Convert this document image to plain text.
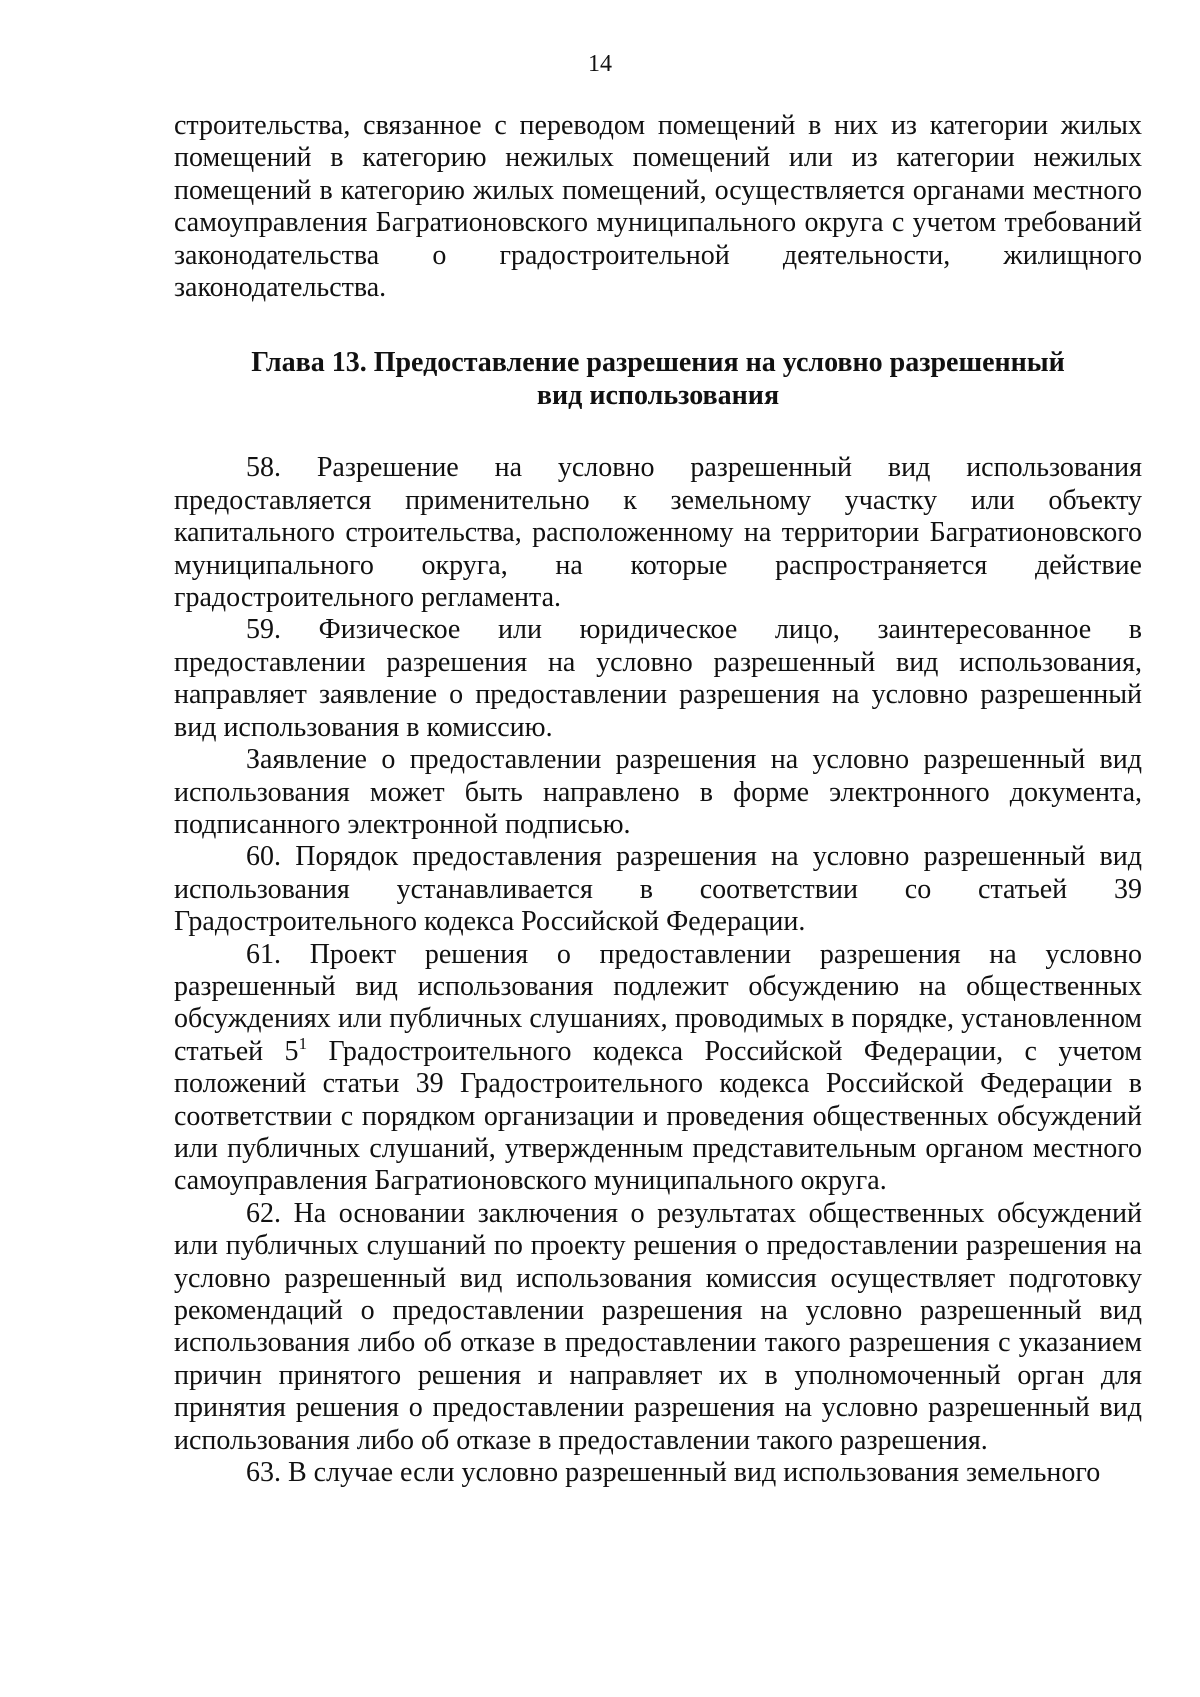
14

строительства, связанное с переводом помещений в них из категории жилых помещений в категорию нежилых помещений или из категории нежилых помещений в категорию жилых помещений, осуществляется органами местного самоуправления Багратионовского муниципального округа с учетом требований законодательства о градостроительной деятельности, жилищного законодательства.

Глава 13. Предоставление разрешения на условно разрешенный
вид использования

58. Разрешение на условно разрешенный вид использования предоставляется применительно к земельному участку или объекту капитального строительства, расположенному на территории Багратионовского муниципального округа, на которые распространяется действие градостроительного регламента.

59. Физическое или юридическое лицо, заинтересованное в предоставлении разрешения на условно разрешенный вид использования, направляет заявление о предоставлении разрешения на условно разрешенный вид использования в комиссию.

Заявление о предоставлении разрешения на условно разрешенный вид использования может быть направлено в форме электронного документа, подписанного электронной подписью.

60. Порядок предоставления разрешения на условно разрешенный вид использования устанавливается в соответствии со статьей 39 Градостроительного кодекса Российской Федерации.

61. Проект решения о предоставлении разрешения на условно разрешенный вид использования подлежит обсуждению на общественных обсуждениях или публичных слушаниях, проводимых в порядке, установленном статьей $5^1$ Градостроительного кодекса Российской Федерации, с учетом положений статьи 39 Градостроительного кодекса Российской Федерации в соответствии с порядком организации и проведения общественных обсуждений или публичных слушаний, утвержденным представительным органом местного самоуправления Багратионовского муниципального округа.

62. На основании заключения о результатах общественных обсуждений или публичных слушаний по проекту решения о предоставлении разрешения на условно разрешенный вид использования комиссия осуществляет подготовку рекомендаций о предоставлении разрешения на условно разрешенный вид использования либо об отказе в предоставлении такого разрешения с указанием причин принятого решения и направляет их в уполномоченный орган для принятия решения о предоставлении разрешения на условно разрешенный вид использования либо об отказе в предоставлении такого разрешения.

63. В случае если условно разрешенный вид использования земельного
